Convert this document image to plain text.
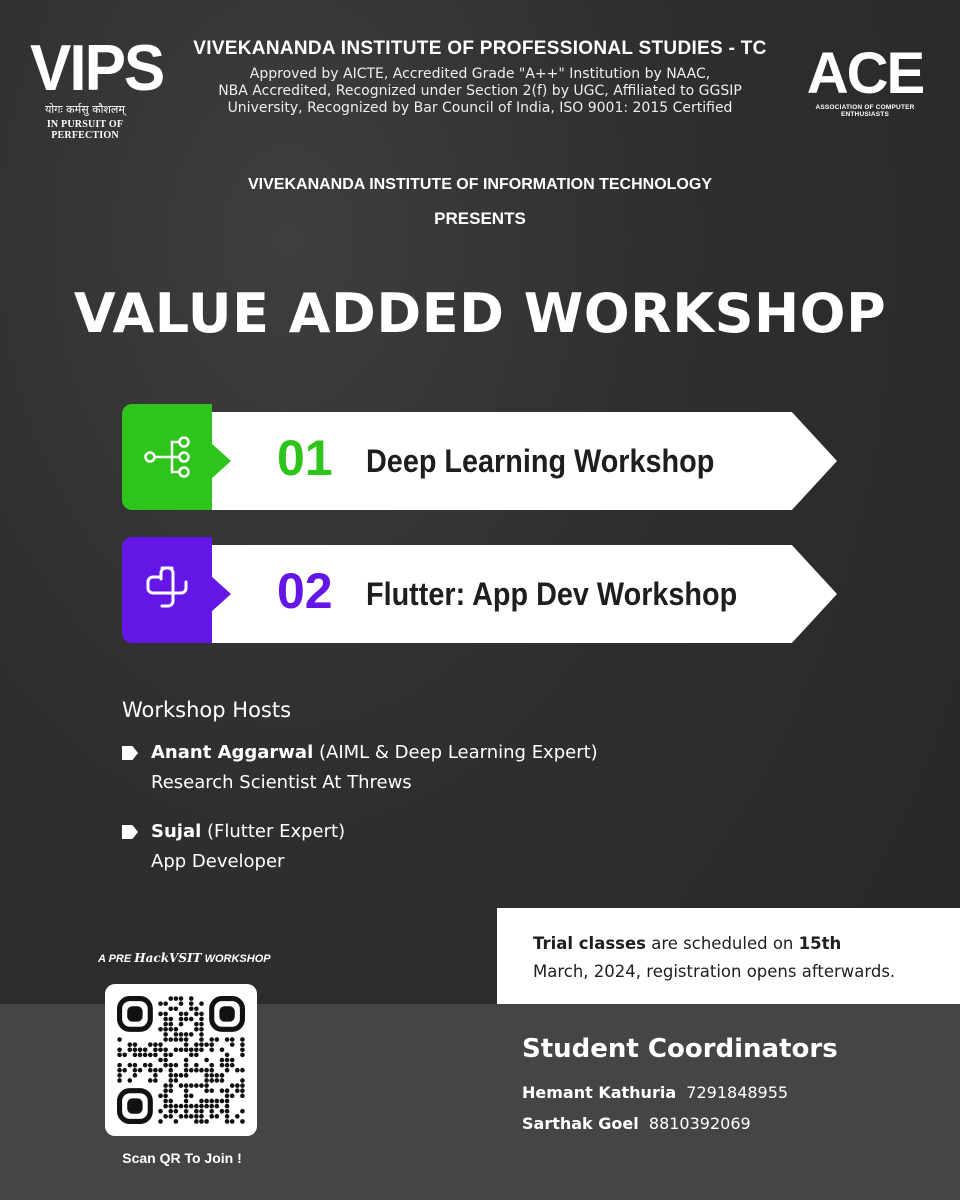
VIPS
योगः कर्मसु कौशलम्
IN PURSUIT OF PERFECTION
VIVEKANANDA INSTITUTE OF PROFESSIONAL STUDIES - TC
Approved by AICTE, Accredited Grade "A++" Institution by NAAC,
NBA Accredited, Recognized under Section 2(f) by UGC, Affiliated to GGSIP
University, Recognized by Bar Council of India, ISO 9001: 2015 Certified
ACE
ASSOCIATION OF COMPUTER ENTHUSIASTS
VIVEKANANDA INSTITUTE OF INFORMATION TECHNOLOGY
PRESENTS
VALUE ADDED WORKSHOP
01 Deep Learning Workshop
02 Flutter: App Dev Workshop
Workshop Hosts
Anant Aggarwal (AIML & Deep Learning Expert)
Research Scientist At Threws
Sujal (Flutter Expert)
App Developer
Trial classes are scheduled on 15th
March, 2024, registration opens afterwards.
A PRE HackVSIT WORKSHOP
Scan QR To Join !
Student Coordinators
Hemant Kathuria 7291848955
Sarthak Goel 8810392069
